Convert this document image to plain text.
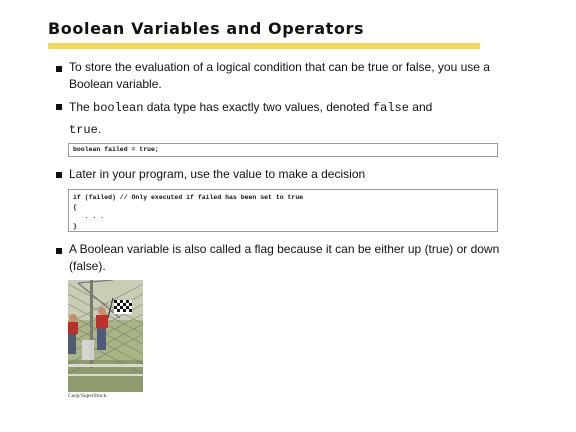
Boolean Variables and Operators
To store the evaluation of a logical condition that can be true or false, you use a Boolean variable.
The boolean data type has exactly two values, denoted false and
true.
boolean failed = true;
Later in your program, use the value to make a decision
if (failed) // Only executed if failed has been set to true
{
. . .
}
A Boolean variable is also called a flag because it can be either up (true) or down (false).
Cusp/SuperStock.
